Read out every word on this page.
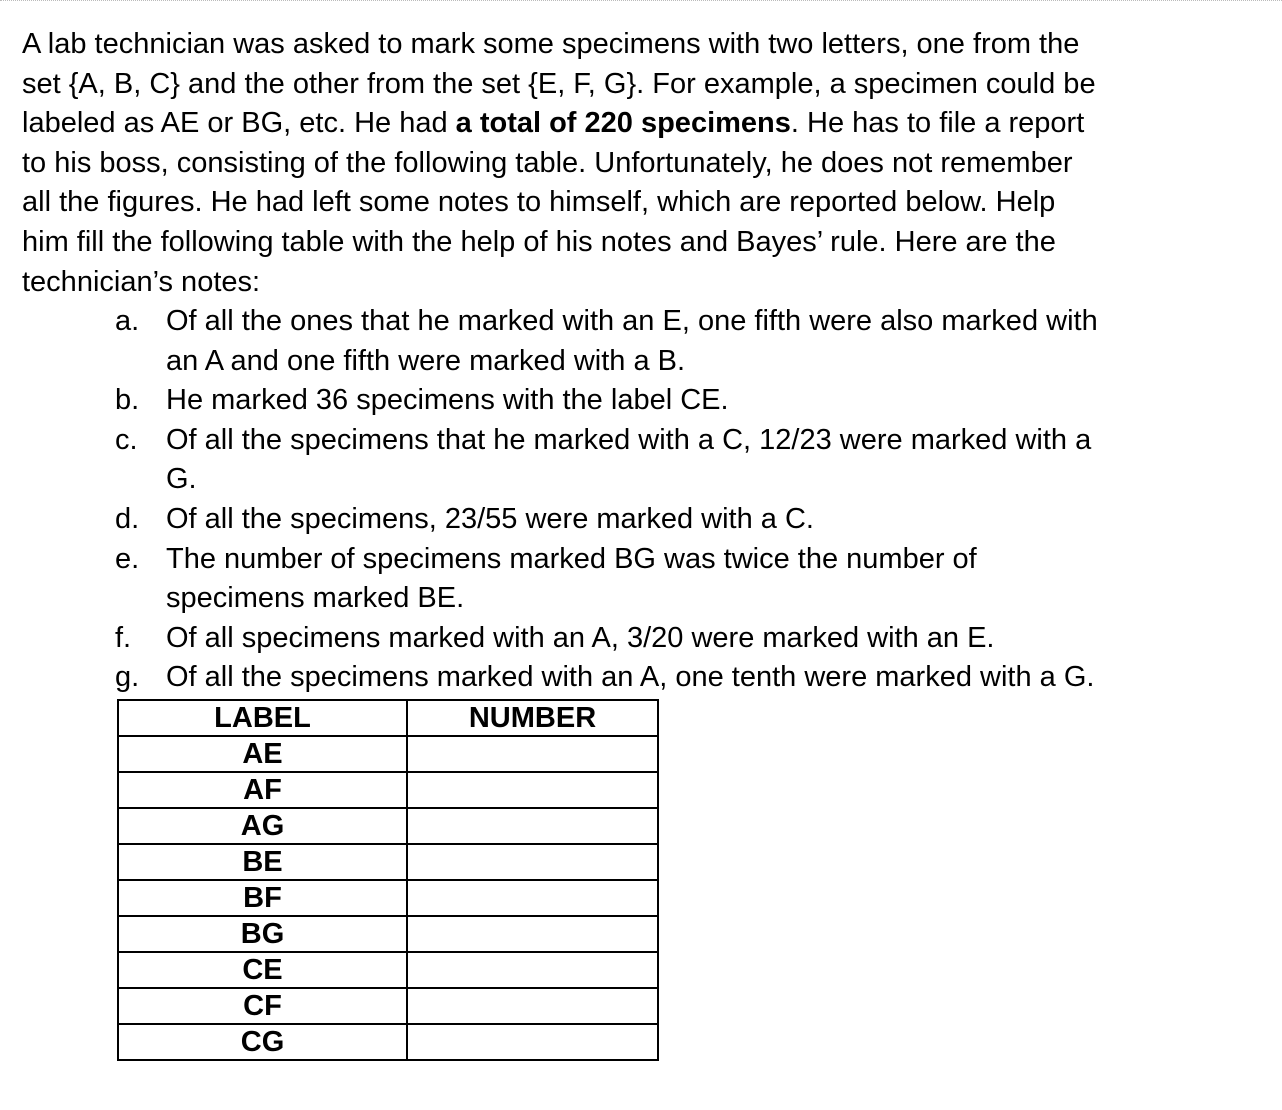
A lab technician was asked to mark some specimens with two letters, one from the
set {A, B, C} and the other from the set {E, F, G}. For example, a specimen could be
labeled as AE or BG, etc. He had a total of 220 specimens. He has to file a report
to his boss, consisting of the following table. Unfortunately, he does not remember
all the figures. He had left some notes to himself, which are reported below. Help
him fill the following table with the help of his notes and Bayes’ rule. Here are the
technician’s notes:

a. Of all the ones that he marked with an E, one fifth were also marked with
an A and one fifth were marked with a B.
b. He marked 36 specimens with the label CE.
c. Of all the specimens that he marked with a C, 12/23 were marked with a
G.
d. Of all the specimens, 23/55 were marked with a C.
e. The number of specimens marked BG was twice the number of
specimens marked BE.
f. Of all specimens marked with an A, 3/20 were marked with an E.
g. Of all the specimens marked with an A, one tenth were marked with a G.
LABEL	NUMBER
AE	
AF	
AG	
BE	
BF	
BG	
CE	
CF	
CG	
